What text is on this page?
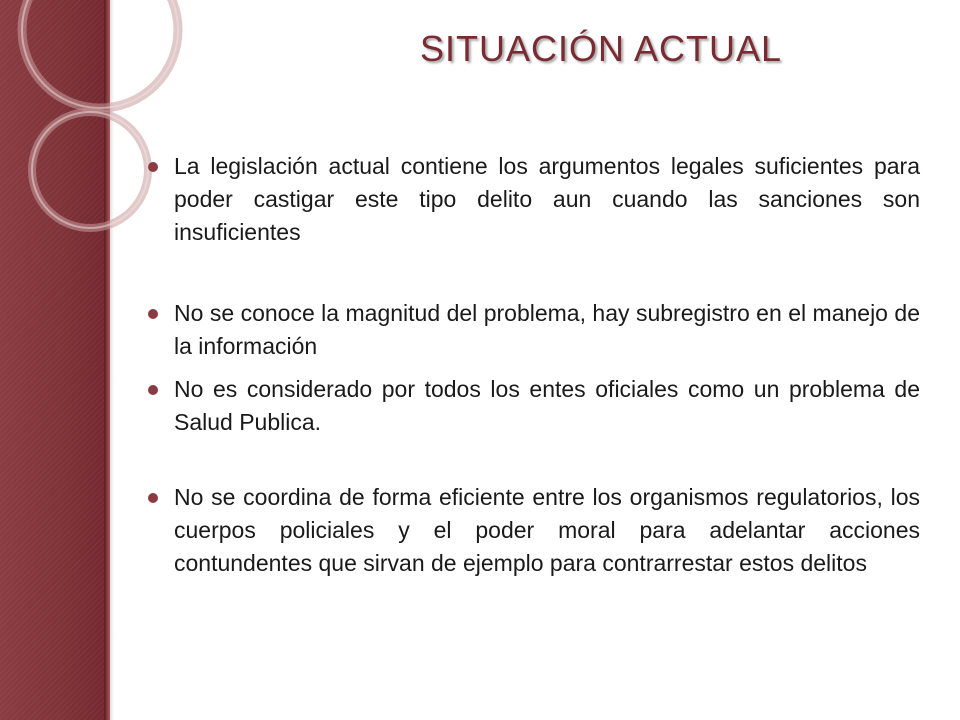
SITUACIÓN ACTUAL
La legislación actual contiene los argumentos legales suficientes para poder castigar este tipo delito aun cuando las sanciones son insuficientes
No se conoce la magnitud del problema, hay subregistro en el manejo de la información
No es considerado por todos los entes oficiales como un problema de Salud Publica.
No se coordina de forma eficiente entre los organismos regulatorios, los cuerpos policiales y el poder moral para adelantar acciones contundentes que sirvan de ejemplo para contrarrestar estos delitos
